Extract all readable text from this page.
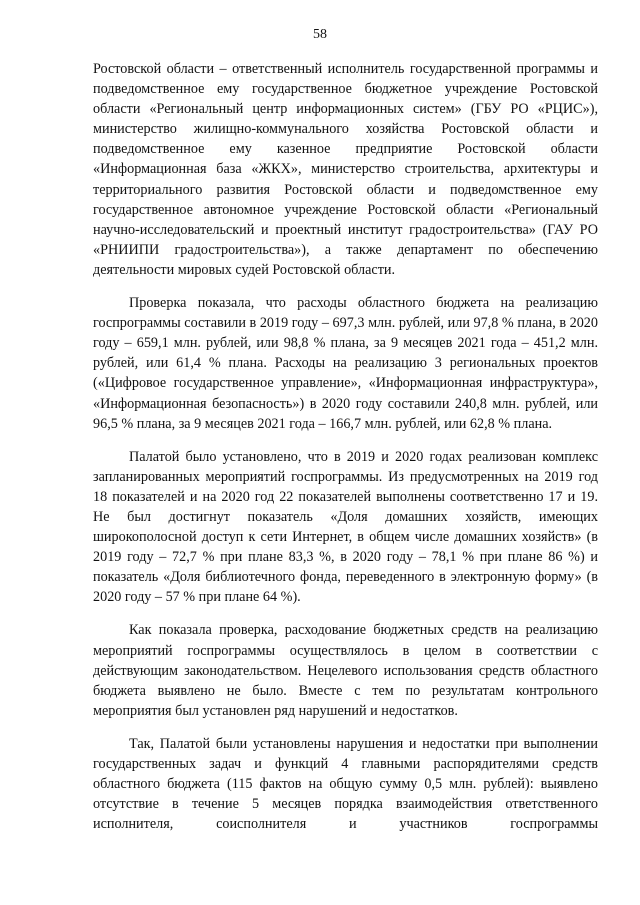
58

Ростовской области – ответственный исполнитель государственной программы и подведомственное ему государственное бюджетное учреждение Ростовской области «Региональный центр информационных систем» (ГБУ РО «РЦИС»), министерство жилищно-коммунального хозяйства Ростовской области и подведомственное ему казенное предприятие Ростовской области «Информационная база «ЖКХ», министерство строительства, архитектуры и территориального развития Ростовской области и подведомственное ему государственное автономное учреждение Ростовской области «Региональный научно-исследовательский и проектный институт градостроительства» (ГАУ РО «РНИИПИ градостроительства»), а также департамент по обеспечению деятельности мировых судей Ростовской области.

Проверка показала, что расходы областного бюджета на реализацию госпрограммы составили в 2019 году – 697,3 млн. рублей, или 97,8 % плана, в 2020 году – 659,1 млн. рублей, или 98,8 % плана, за 9 месяцев 2021 года – 451,2 млн. рублей, или 61,4 % плана. Расходы на реализацию 3 региональных проектов («Цифровое государственное управление», «Информационная инфраструктура», «Информационная безопасность») в 2020 году составили 240,8 млн. рублей, или 96,5 % плана, за 9 месяцев 2021 года – 166,7 млн. рублей, или 62,8 % плана.

Палатой было установлено, что в 2019 и 2020 годах реализован комплекс запланированных мероприятий госпрограммы. Из предусмотренных на 2019 год 18 показателей и на 2020 год 22 показателей выполнены соответственно 17 и 19. Не был достигнут показатель «Доля домашних хозяйств, имеющих широкополосной доступ к сети Интернет, в общем числе домашних хозяйств» (в 2019 году – 72,7 % при плане 83,3 %, в 2020 году – 78,1 % при плане 86 %) и показатель «Доля библиотечного фонда, переведенного в электронную форму» (в 2020 году – 57 % при плане 64 %).

Как показала проверка, расходование бюджетных средств на реализацию мероприятий госпрограммы осуществлялось в целом в соответствии с действующим законодательством. Нецелевого использования средств областного бюджета выявлено не было. Вместе с тем по результатам контрольного мероприятия был установлен ряд нарушений и недостатков.

Так, Палатой были установлены нарушения и недостатки при выполнении государственных задач и функций 4 главными распорядителями средств областного бюджета (115 фактов на общую сумму 0,5 млн. рублей): выявлено отсутствие в течение 5 месяцев порядка взаимодействия ответственного исполнителя, соисполнителя и участников госпрограммы
